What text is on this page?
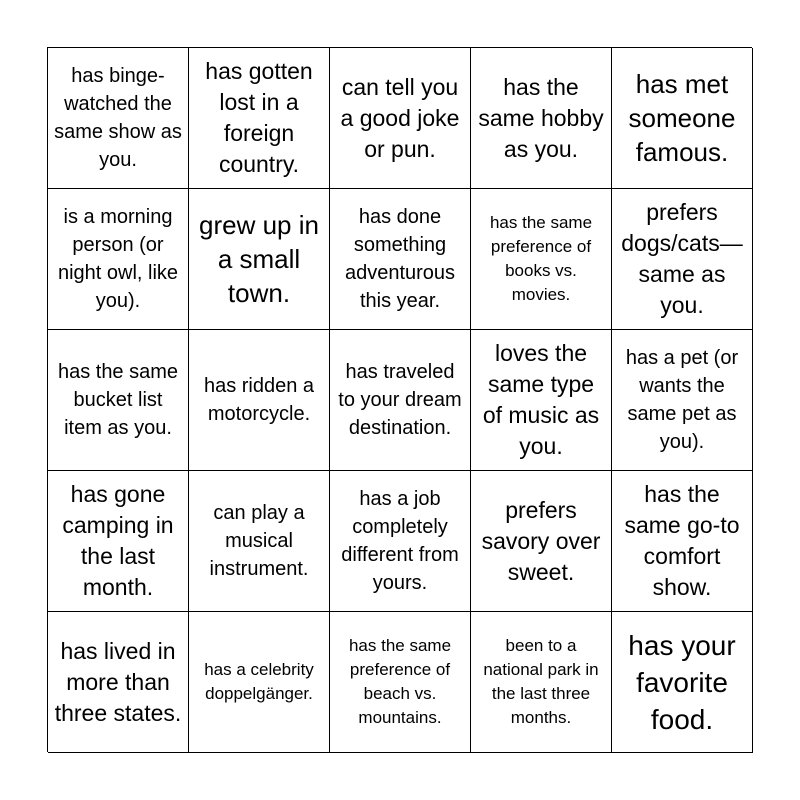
has binge-watched the same show as you.
has gotten lost in a foreign country.
can tell you a good joke or pun.
has the same hobby as you.
has met someone famous.
is a morning person (or night owl, like you).
grew up in a small town.
has done something adventurous this year.
has the same preference of books vs. movies.
prefers dogs/cats—same as you.
has the same bucket list item as you.
has ridden a motorcycle.
has traveled to your dream destination.
loves the same type of music as you.
has a pet (or wants the same pet as you).
has gone camping in the last month.
can play a musical instrument.
has a job completely different from yours.
prefers savory over sweet.
has the same go-to comfort show.
has lived in more than three states.
has a celebrity doppelgänger.
has the same preference of beach vs. mountains.
been to a national park in the last three months.
has your favorite food.
